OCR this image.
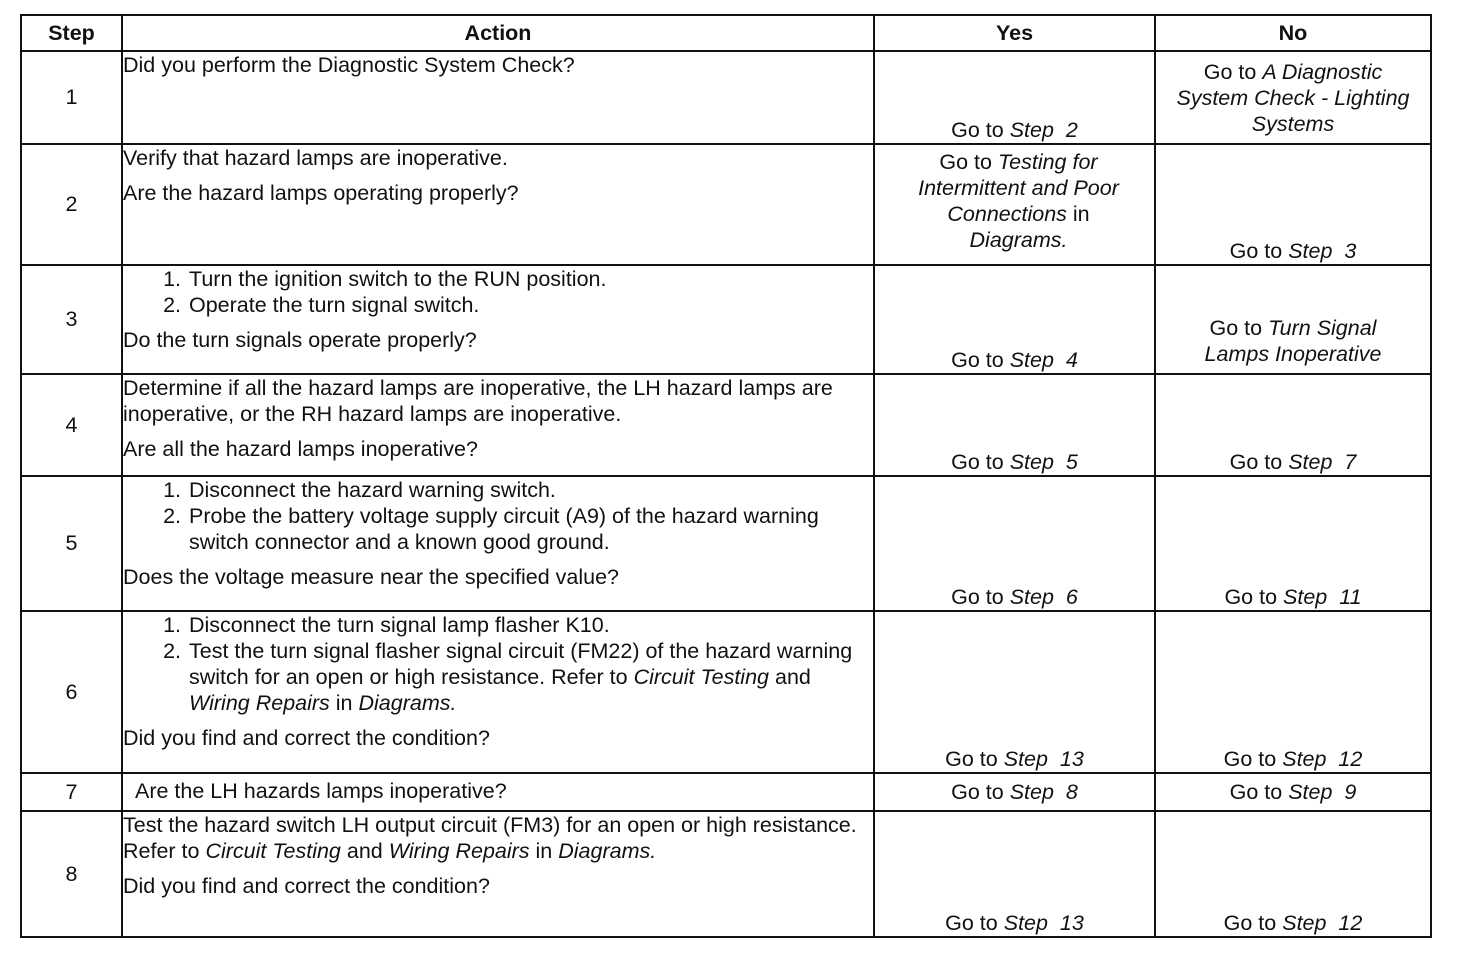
Step	Action	Yes	No
1	Did you perform the Diagnostic System Check?	Go to Step 2	Go to A Diagnostic System Check - Lighting Systems
2	Verify that hazard lamps are inoperative.

Are the hazard lamps operating properly?	Go to Testing for Intermittent and Poor Connections in Diagrams.	Go to Step 3
3	1. Turn the ignition switch to the RUN position.
2. Operate the turn signal switch.

Do the turn signals operate properly?	Go to Step 4	Go to Turn Signal Lamps Inoperative
4	Determine if all the hazard lamps are inoperative, the LH hazard lamps are inoperative, or the RH hazard lamps are inoperative.

Are all the hazard lamps inoperative?	Go to Step 5	Go to Step 7
5	1. Disconnect the hazard warning switch.
2. Probe the battery voltage supply circuit (A9) of the hazard warning switch connector and a known good ground.

Does the voltage measure near the specified value?	Go to Step 6	Go to Step 11
6	1. Disconnect the turn signal lamp flasher K10.
2. Test the turn signal flasher signal circuit (FM22) of the hazard warning switch for an open or high resistance. Refer to Circuit Testing and Wiring Repairs in Diagrams.

Did you find and correct the condition?	Go to Step 13	Go to Step 12
7	Are the LH hazards lamps inoperative?	Go to Step 8	Go to Step 9
8	Test the hazard switch LH output circuit (FM3) for an open or high resistance. Refer to Circuit Testing and Wiring Repairs in Diagrams.

Did you find and correct the condition?	Go to Step 13	Go to Step 12
